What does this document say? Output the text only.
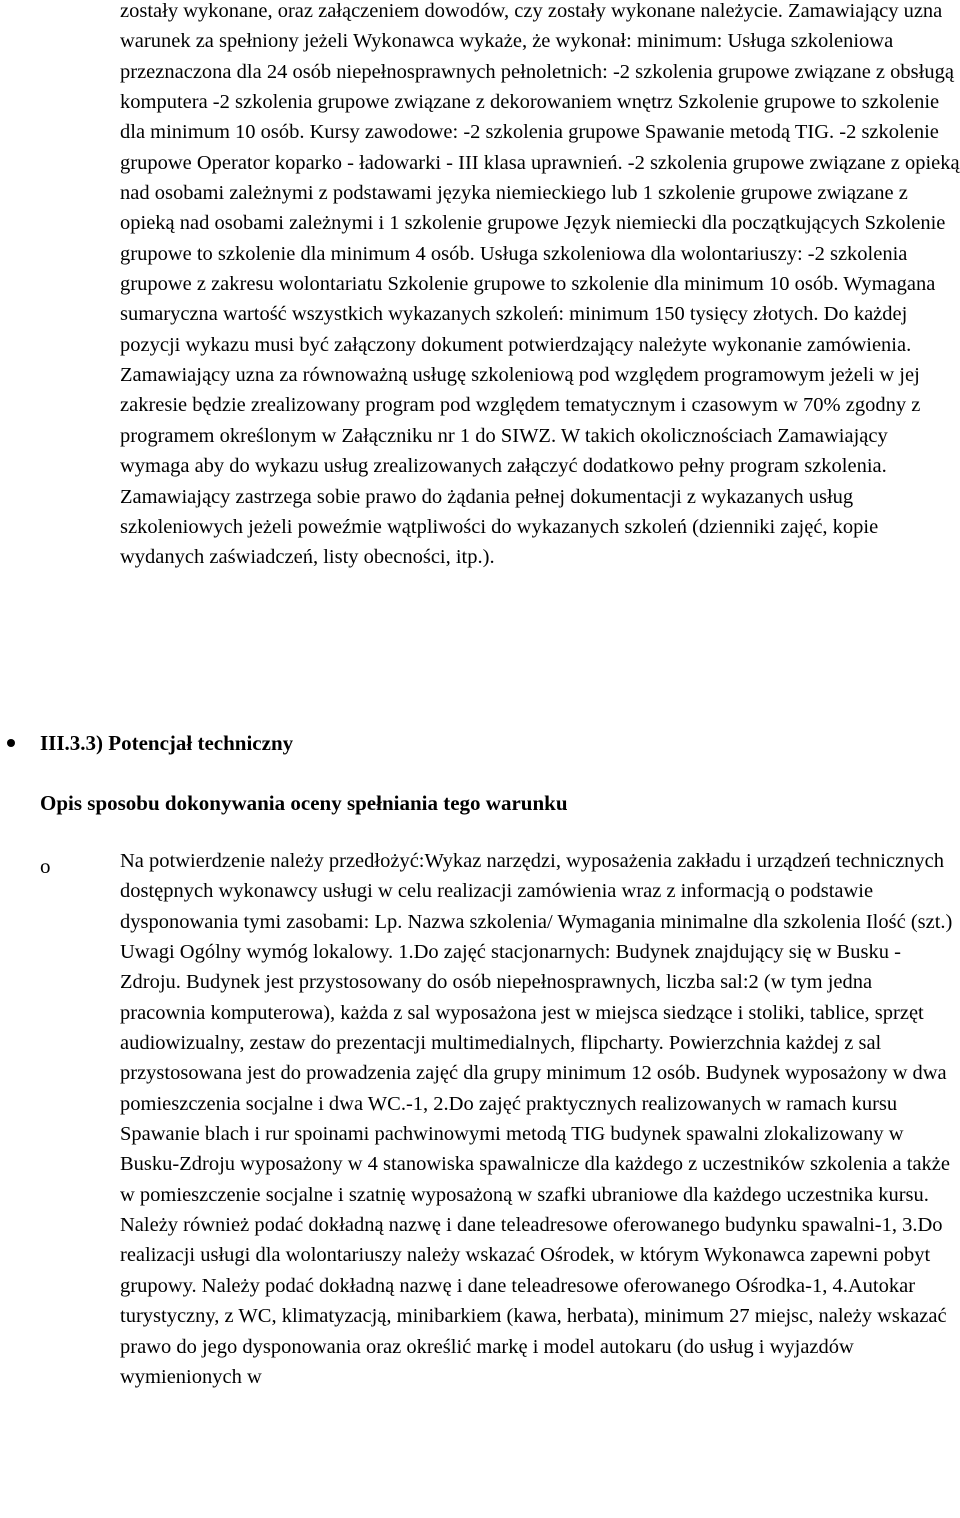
zostały wykonane, oraz załączeniem dowodów, czy zostały wykonane należycie. Zamawiający uzna warunek za spełniony jeżeli Wykonawca wykaże, że wykonał: minimum: Usługa szkoleniowa przeznaczona dla 24 osób niepełnosprawnych pełnoletnich: -2 szkolenia grupowe związane z obsługą komputera -2 szkolenia grupowe związane z dekorowaniem wnętrz Szkolenie grupowe to szkolenie dla minimum 10 osób. Kursy zawodowe: -2 szkolenia grupowe Spawanie metodą TIG. -2 szkolenie grupowe Operator koparko - ładowarki - III klasa uprawnień. -2 szkolenia grupowe związane z opieką nad osobami zależnymi z podstawami języka niemieckiego lub 1 szkolenie grupowe związane z opieką nad osobami zależnymi i 1 szkolenie grupowe Język niemiecki dla początkujących Szkolenie grupowe to szkolenie dla minimum 4 osób. Usługa szkoleniowa dla wolontariuszy: -2 szkolenia grupowe z zakresu wolontariatu Szkolenie grupowe to szkolenie dla minimum 10 osób. Wymagana sumaryczna wartość wszystkich wykazanych szkoleń: minimum 150 tysięcy złotych. Do każdej pozycji wykazu musi być załączony dokument potwierdzający należyte wykonanie zamówienia. Zamawiający uzna za równoważną usługę szkoleniową pod względem programowym jeżeli w jej zakresie będzie zrealizowany program pod względem tematycznym i czasowym w 70% zgodny z programem określonym w Załączniku nr 1 do SIWZ. W takich okolicznościach Zamawiający wymaga aby do wykazu usług zrealizowanych załączyć dodatkowo pełny program szkolenia. Zamawiający zastrzega sobie prawo do żądania pełnej dokumentacji z wykazanych usług szkoleniowych jeżeli poweźmie wątpliwości do wykazanych szkoleń (dzienniki zajęć, kopie wydanych zaświadczeń, listy obecności, itp.).

III.3.3) Potencjał techniczny
Opis sposobu dokonywania oceny spełniania tego warunku
o	Na potwierdzenie należy przedłożyć:Wykaz narzędzi, wyposażenia zakładu i urządzeń technicznych dostępnych wykonawcy usługi w celu realizacji zamówienia wraz z informacją o podstawie dysponowania tymi zasobami: Lp. Nazwa szkolenia/ Wymagania minimalne dla szkolenia Ilość (szt.) Uwagi Ogólny wymóg lokalowy. 1.Do zajęć stacjonarnych: Budynek znajdujący się w Busku - Zdroju. Budynek jest przystosowany do osób niepełnosprawnych, liczba sal:2 (w tym jedna pracownia komputerowa), każda z sal wyposażona jest w miejsca siedzące i stoliki, tablice, sprzęt audiowizualny, zestaw do prezentacji multimedialnych, flipcharty. Powierzchnia każdej z sal przystosowana jest do prowadzenia zajęć dla grupy minimum 12 osób. Budynek wyposażony w dwa pomieszczenia socjalne i dwa WC.-1, 2.Do zajęć praktycznych realizowanych w ramach kursu Spawanie blach i rur spoinami pachwinowymi metodą TIG budynek spawalni zlokalizowany w Busku-Zdroju wyposażony w 4 stanowiska spawalnicze dla każdego z uczestników szkolenia a także w pomieszczenie socjalne i szatnię wyposażoną w szafki ubraniowe dla każdego uczestnika kursu. Należy również podać dokładną nazwę i dane teleadresowe oferowanego budynku spawalni-1, 3.Do realizacji usługi dla wolontariuszy należy wskazać Ośrodek, w którym Wykonawca zapewni pobyt grupowy. Należy podać dokładną nazwę i dane teleadresowe oferowanego Ośrodka-1, 4.Autokar turystyczny, z WC, klimatyzacją, minibarkiem (kawa, herbata), minimum 27 miejsc, należy wskazać prawo do jego dysponowania oraz określić markę i model autokaru (do usług i wyjazdów wymienionych w
